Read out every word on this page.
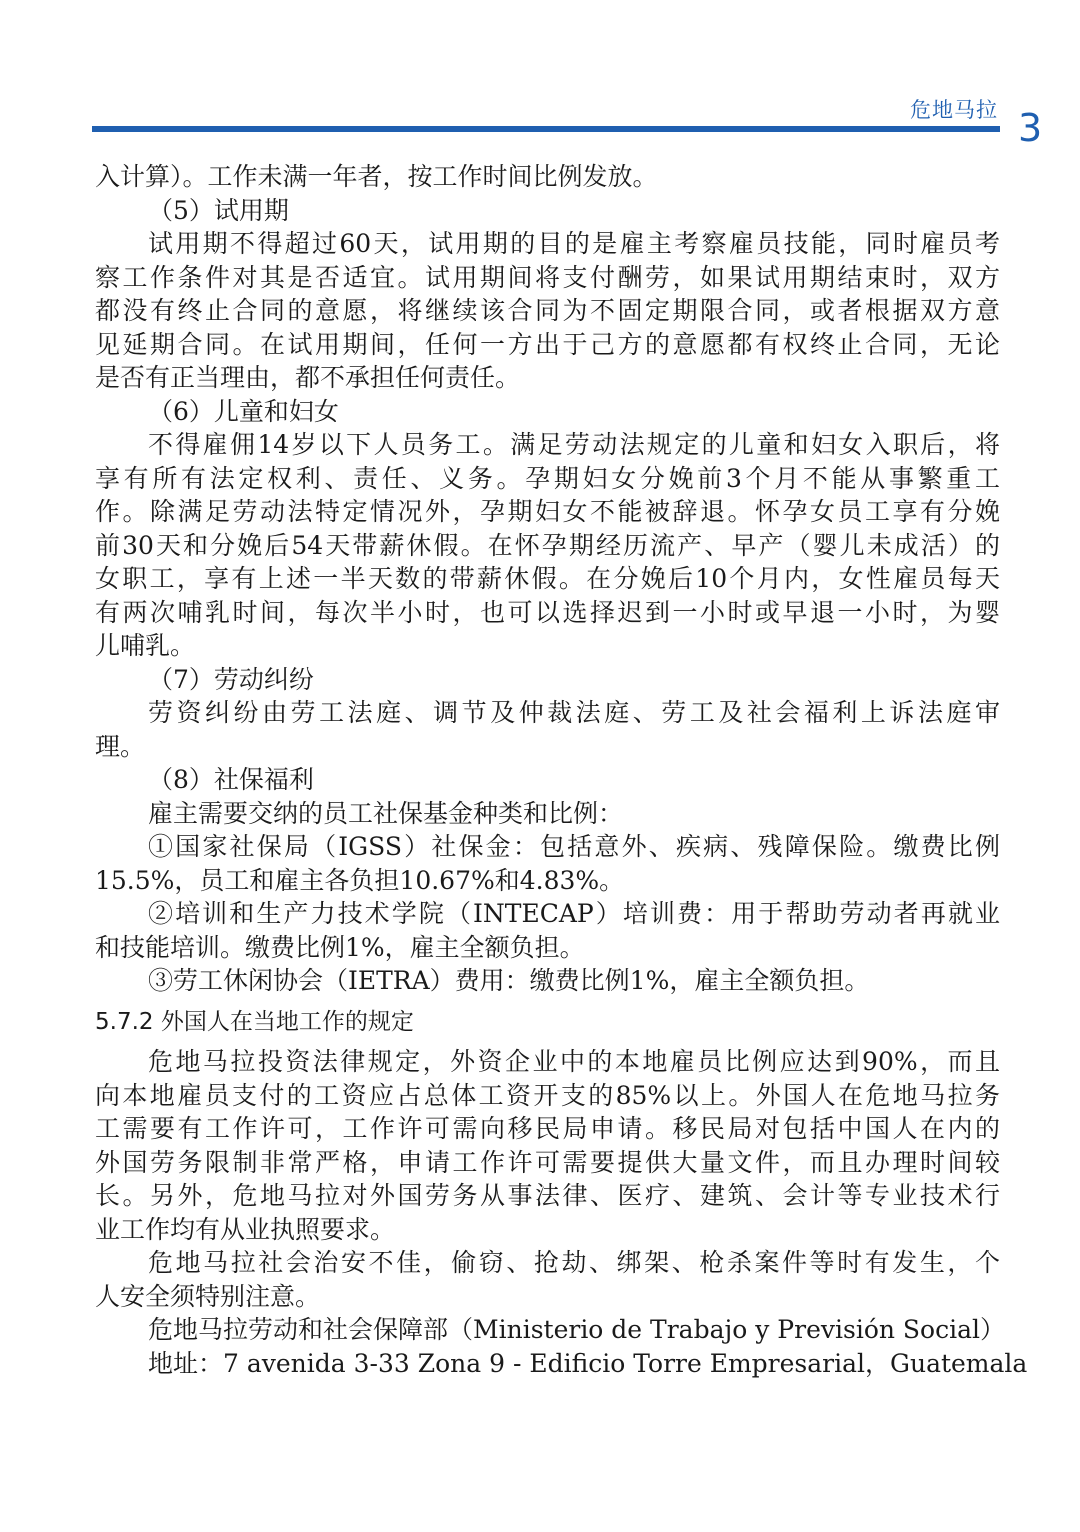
危地马拉 3
入计算）。工作未满一年者，按工作时间比例发放。
（5）试用期
试用期不得超过60天，试用期的目的是雇主考察雇员技能，同时雇员考
察工作条件对其是否适宜。试用期间将支付酬劳，如果试用期结束时，双方
都没有终止合同的意愿，将继续该合同为不固定期限合同，或者根据双方意
见延期合同。在试用期间，任何一方出于己方的意愿都有权终止合同，无论
是否有正当理由，都不承担任何责任。
（6）儿童和妇女
不得雇佣14岁以下人员务工。满足劳动法规定的儿童和妇女入职后，将
享有所有法定权利、责任、义务。孕期妇女分娩前3个月不能从事繁重工
作。除满足劳动法特定情况外，孕期妇女不能被辞退。怀孕女员工享有分娩
前30天和分娩后54天带薪休假。在怀孕期经历流产、早产（婴儿未成活）的
女职工，享有上述一半天数的带薪休假。在分娩后10个月内，女性雇员每天
有两次哺乳时间，每次半小时，也可以选择迟到一小时或早退一小时，为婴
儿哺乳。
（7）劳动纠纷
劳资纠纷由劳工法庭、调节及仲裁法庭、劳工及社会福利上诉法庭审
理。
（8）社保福利
雇主需要交纳的员工社保基金种类和比例：
①国家社保局（IGSS）社保金：包括意外、疾病、残障保险。缴费比例
15.5%，员工和雇主各负担10.67%和4.83%。
②培训和生产力技术学院（INTECAP）培训费：用于帮助劳动者再就业
和技能培训。缴费比例1%，雇主全额负担。
③劳工休闲协会（IETRA）费用：缴费比例1%，雇主全额负担。
5.7.2 外国人在当地工作的规定
危地马拉投资法律规定，外资企业中的本地雇员比例应达到90%，而且
向本地雇员支付的工资应占总体工资开支的85%以上。外国人在危地马拉务
工需要有工作许可，工作许可需向移民局申请。移民局对包括中国人在内的
外国劳务限制非常严格，申请工作许可需要提供大量文件，而且办理时间较
长。另外，危地马拉对外国劳务从事法律、医疗、建筑、会计等专业技术行
业工作均有从业执照要求。
危地马拉社会治安不佳，偷窃、抢劫、绑架、枪杀案件等时有发生，个
人安全须特别注意。
危地马拉劳动和社会保障部（Ministerio de Trabajo y Previsión Social）
地址：7 avenida 3-33 Zona 9 - Edificio Torre Empresarial，Guatemala
